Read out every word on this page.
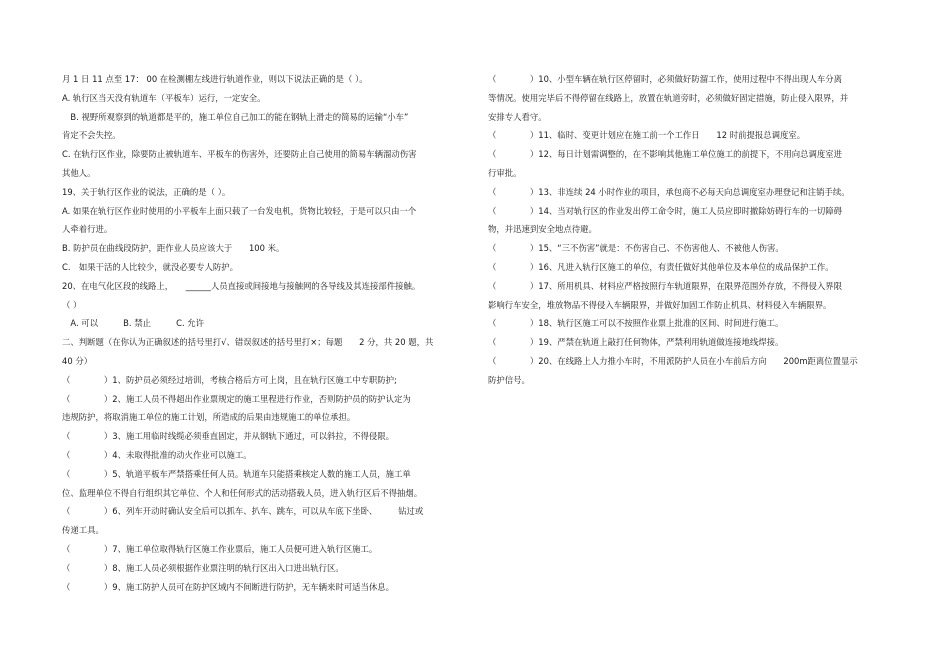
月 1 日 11 点至 17： 00 在检测棚左线进行轨道作业，则以下说法正确的是（ ）。
A. 轨行区当天没有轨道车（平板车）运行，一定安全。
　B. 视野所观察到的轨道都是平的，施工单位自己加工的能在钢轨上滑走的简易的运输“小车”
肯定不会失控。
C. 在轨行区作业，除要防止被轨道车、平板车的伤害外，还要防止自己使用的简易车辆溜动伤害
其他人。
19、关于轨行区作业的说法，正确的是（ ）。
A. 如果在轨行区作业时使用的小平板车上面只载了一台发电机，货物比较轻，于是可以只由一个
人牵着行进。
B. 防护员在曲线段防护，距作业人员应该大于　　100 米。
C.　如果干活的人比较少，就没必要专人防护。
20、在电气化区段的线路上，　　______人员直接或间接地与接触网的各导线及其连接部件接触。
（ ）
　A. 可以　　　B. 禁止　　　C. 允许
二、判断题（在你认为正确叙述的括号里打√、错误叙述的括号里打×；每题　　2 分，共 20 题，共
40 分）
（　　　　）1、防护员必须经过培训，考核合格后方可上岗，且在轨行区施工中专职防护;
（　　　　）2、施工人员不得超出作业票规定的施工里程进行作业，否则防护员的防护认定为
违规防护，将取消施工单位的施工计划，所造成的后果由违规施工的单位承担。
（　　　　）3、施工用临时线缆必须垂直固定，并从钢轨下通过，可以斜拉，不得侵限。
（　　　　）4、未取得批准的动火作业可以施工。
（　　　　）5、轨道平板车严禁搭乘任何人员。轨道车只能搭乘核定人数的施工人员，施工单
位、监理单位不得自行组织其它单位、个人和任何形式的活动搭载人员，进入轨行区后不得抽烟。
（　　　　）6、列车开动时确认安全后可以抓车、扒车、跳车，可以从车底下坐卧、　　　钻过或
传递工具。
（　　　　）7、施工单位取得轨行区施工作业票后，施工人员便可进入轨行区施工。
（　　　　）8、施工人员必须根据作业票注明的轨行区出入口进出轨行区。
（　　　　）9、施工防护人员可在防护区域内不间断进行防护，无车辆来时可适当休息。
（　　　　）10、小型车辆在轨行区停留时，必须做好防溜工作，使用过程中不得出现人车分离
等情况。使用完毕后不得停留在线路上，放置在轨道旁时，必须做好固定措施，防止侵入限界，并
安排专人看守。
（　　　　）11、临时、变更计划应在施工前一个工作日　　12 时前提报总调度室。
（　　　　）12、每日计划需调整的，在不影响其他施工单位施工的前提下，不用向总调度室进
行审批。
（　　　　）13、非连续 24 小时作业的项目，承包商不必每天向总调度室办理登记和注销手续。
（　　　　）14、当对轨行区的作业发出停工命令时，施工人员应即时撤除妨碍行车的一切障碍
物，并迅速到安全地点待避。
（　　　　）15、“三不伤害”就是：不伤害自己、不伤害他人、不被他人伤害。
（　　　　）16、凡进入轨行区施工的单位，有责任做好其他单位及本单位的成品保护工作。
（　　　　）17、所用机具、材料应严格按照行车轨道限界，在限界范围外存放，不得侵入界限
影响行车安全，堆放物品不得侵入车辆限界，并做好加固工作防止机具、材料侵入车辆限界。
（　　　　）18、轨行区施工可以不按照作业票上批准的区间、时间进行施工。
（　　　　）19、严禁在轨道上敲打任何物体，严禁利用轨道做连接地线焊接。
（　　　　）20、在线路上人力推小车时，不用派防护人员在小车前后方向　　200m距离位置显示
防护信号。
